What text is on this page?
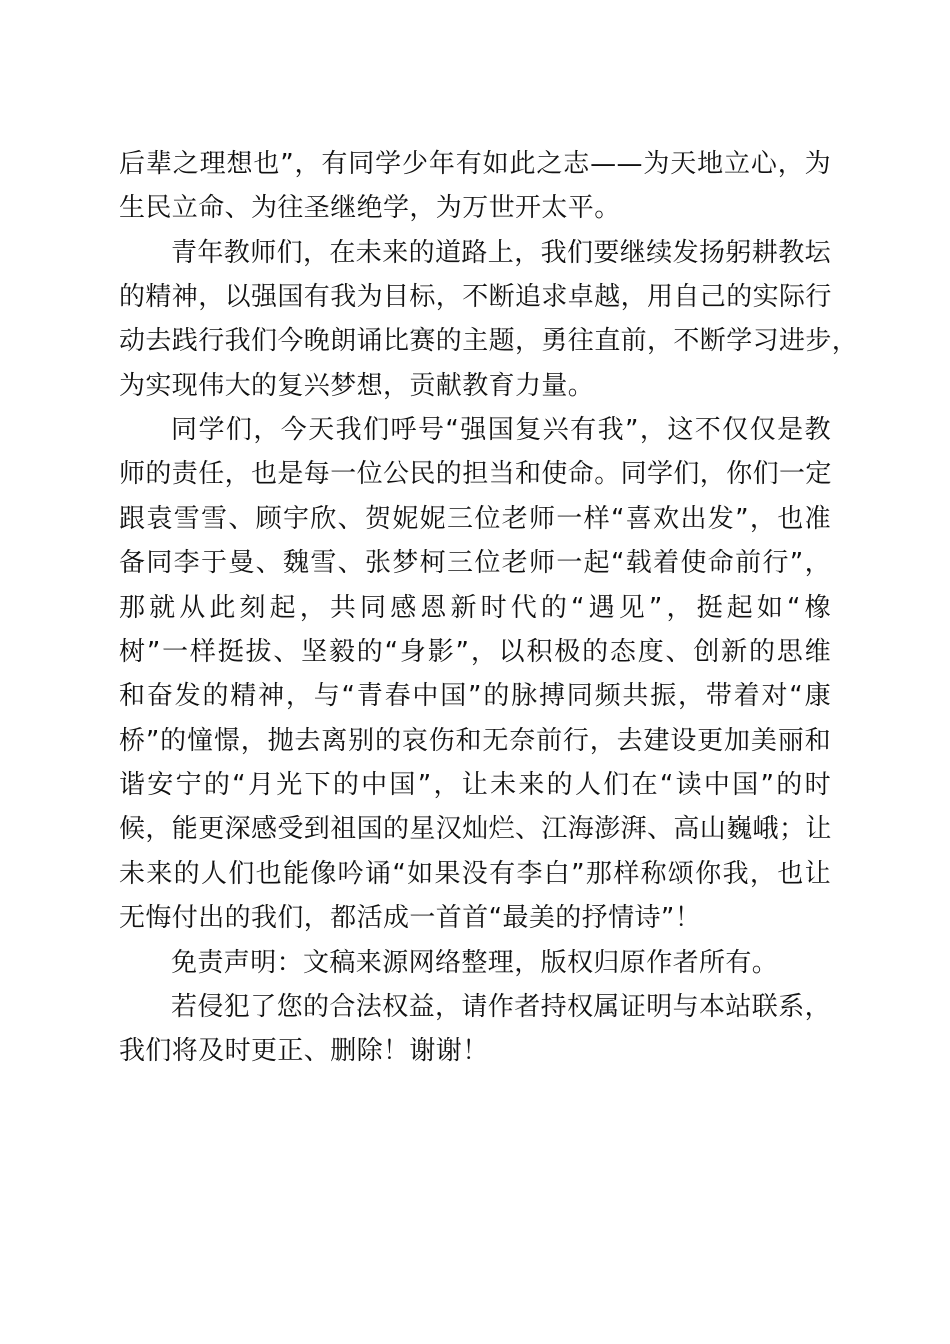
后辈之理想也”，有同学少年有如此之志——为天地立心，为
生民立命、为往圣继绝学，为万世开太平。
青年教师们，在未来的道路上，我们要继续发扬躬耕教坛
的精神，以强国有我为目标，不断追求卓越，用自己的实际行
动去践行我们今晚朗诵比赛的主题，勇往直前，不断学习进步，
为实现伟大的复兴梦想，贡献教育力量。
同学们，今天我们呼号“强国复兴有我”，这不仅仅是教
师的责任，也是每一位公民的担当和使命。同学们，你们一定
跟袁雪雪、顾宇欣、贺妮妮三位老师一样“喜欢出发”，也准
备同李于曼、魏雪、张梦柯三位老师一起“载着使命前行”，
那就从此刻起，共同感恩新时代的“遇见”，挺起如“橡
树”一样挺拔、坚毅的“身影”，以积极的态度、创新的思维
和奋发的精神，与“青春中国”的脉搏同频共振，带着对“康
桥”的憧憬，抛去离别的哀伤和无奈前行，去建设更加美丽和
谐安宁的“月光下的中国”，让未来的人们在“读中国”的时
候，能更深感受到祖国的星汉灿烂、江海澎湃、高山巍峨；让
未来的人们也能像吟诵“如果没有李白”那样称颂你我，也让
无悔付出的我们，都活成一首首“最美的抒情诗”！
免责声明：文稿来源网络整理，版权归原作者所有。
若侵犯了您的合法权益，请作者持权属证明与本站联系，
我们将及时更正、删除！谢谢！
